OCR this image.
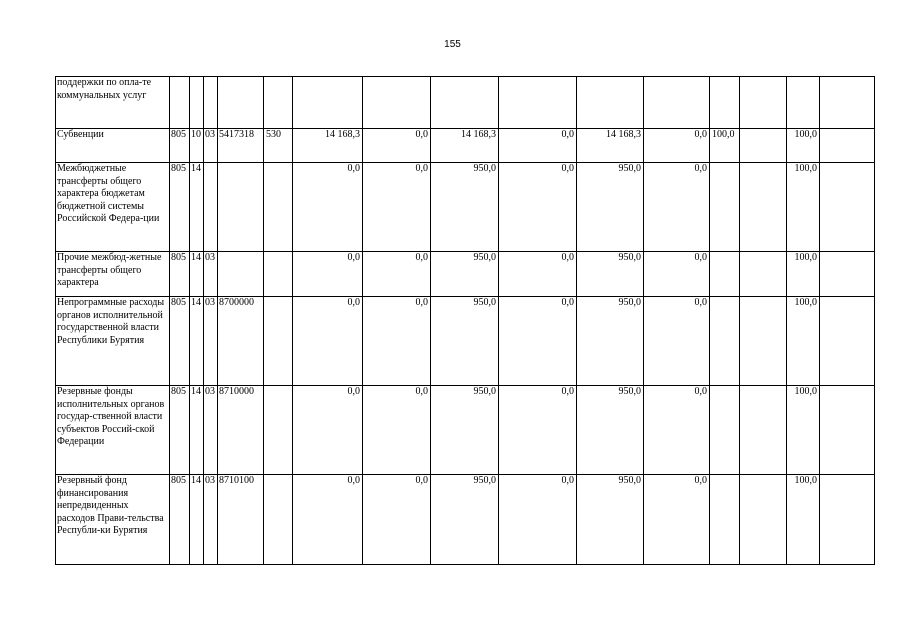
155
поддержки по опла-те коммунальных услуг															
Субвенции	805	10	03	5417318	530	14 168,3	0,0	14 168,3	0,0	14 168,3	0,0	100,0		100,0	
Межбюджетные трансферты общего характера бюджетам бюджетной системы Российской Федера-ции	805	14				0,0	0,0	950,0	0,0	950,0	0,0			100,0	
Прочие межбюд-жетные трансферты общего характера	805	14	03			0,0	0,0	950,0	0,0	950,0	0,0			100,0	
Непрограммные расходы органов исполнительной государственной власти Республики Бурятия	805	14	03	8700000		0,0	0,0	950,0	0,0	950,0	0,0			100,0	
Резервные фонды исполнительных органов государ-ственной власти субъектов Россий-ской Федерации	805	14	03	8710000		0,0	0,0	950,0	0,0	950,0	0,0			100,0	
Резервный фонд финансирования непредвиденных расходов Прави-тельства Республи-ки Бурятия	805	14	03	8710100		0,0	0,0	950,0	0,0	950,0	0,0			100,0	
